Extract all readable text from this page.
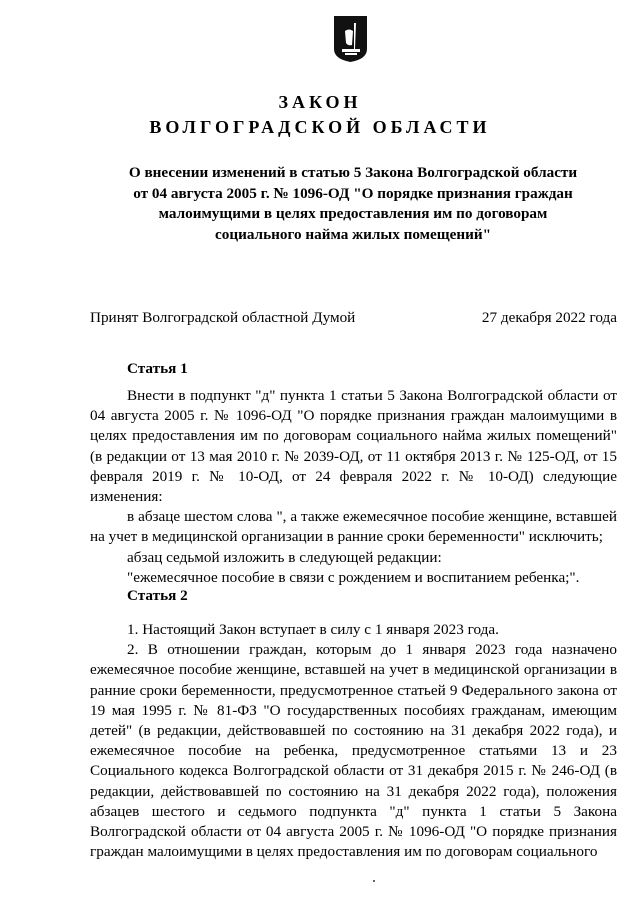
ЗАКОН
ВОЛГОГРАДСКОЙ ОБЛАСТИ
О внесении изменений в статью 5 Закона Волгоградской области
от 04 августа 2005 г. № 1096-ОД "О порядке признания граждан
малоимущими в целях предоставления им по договорам
социального найма жилых помещений"
Принят Волгоградской областной Думой	27 декабря 2022 года
Статья 1

Внести в подпункт "д" пункта 1 статьи 5 Закона Волгоградской области от 04 августа 2005 г. № 1096-ОД "О порядке признания граждан малоимущими в целях предоставления им по договорам социального найма жилых помещений" (в редакции от 13 мая 2010 г. № 2039-ОД, от 11 октября 2013 г. № 125-ОД, от 15 февраля 2019 г. № 10-ОД, от 24 февраля 2022 г. № 10-ОД) следующие изменения:

в абзаце шестом слова ", а также ежемесячное пособие женщине, вставшей на учет в медицинской организации в ранние сроки беременности" исключить;

абзац седьмой изложить в следующей редакции:

"ежемесячное пособие в связи с рождением и воспитанием ребенка;".

Статья 2

1. Настоящий Закон вступает в силу с 1 января 2023 года.

2. В отношении граждан, которым до 1 января 2023 года назначено ежемесячное пособие женщине, вставшей на учет в медицинской организации в ранние сроки беременности, предусмотренное статьей 9 Федерального закона от 19 мая 1995 г. № 81-ФЗ "О государственных пособиях гражданам, имеющим детей" (в редакции, действовавшей по состоянию на 31 декабря 2022 года), и ежемесячное пособие на ребенка, предусмотренное статьями 13 и 23 Социального кодекса Волгоградской области от 31 декабря 2015 г. № 246-ОД (в редакции, действовавшей по состоянию на 31 декабря 2022 года), положения абзацев шестого и седьмого подпункта "д" пункта 1 статьи 5 Закона Волгоградской области от 04 августа 2005 г. № 1096-ОД "О порядке признания граждан малоимущими в целях предоставления им по договорам социального
